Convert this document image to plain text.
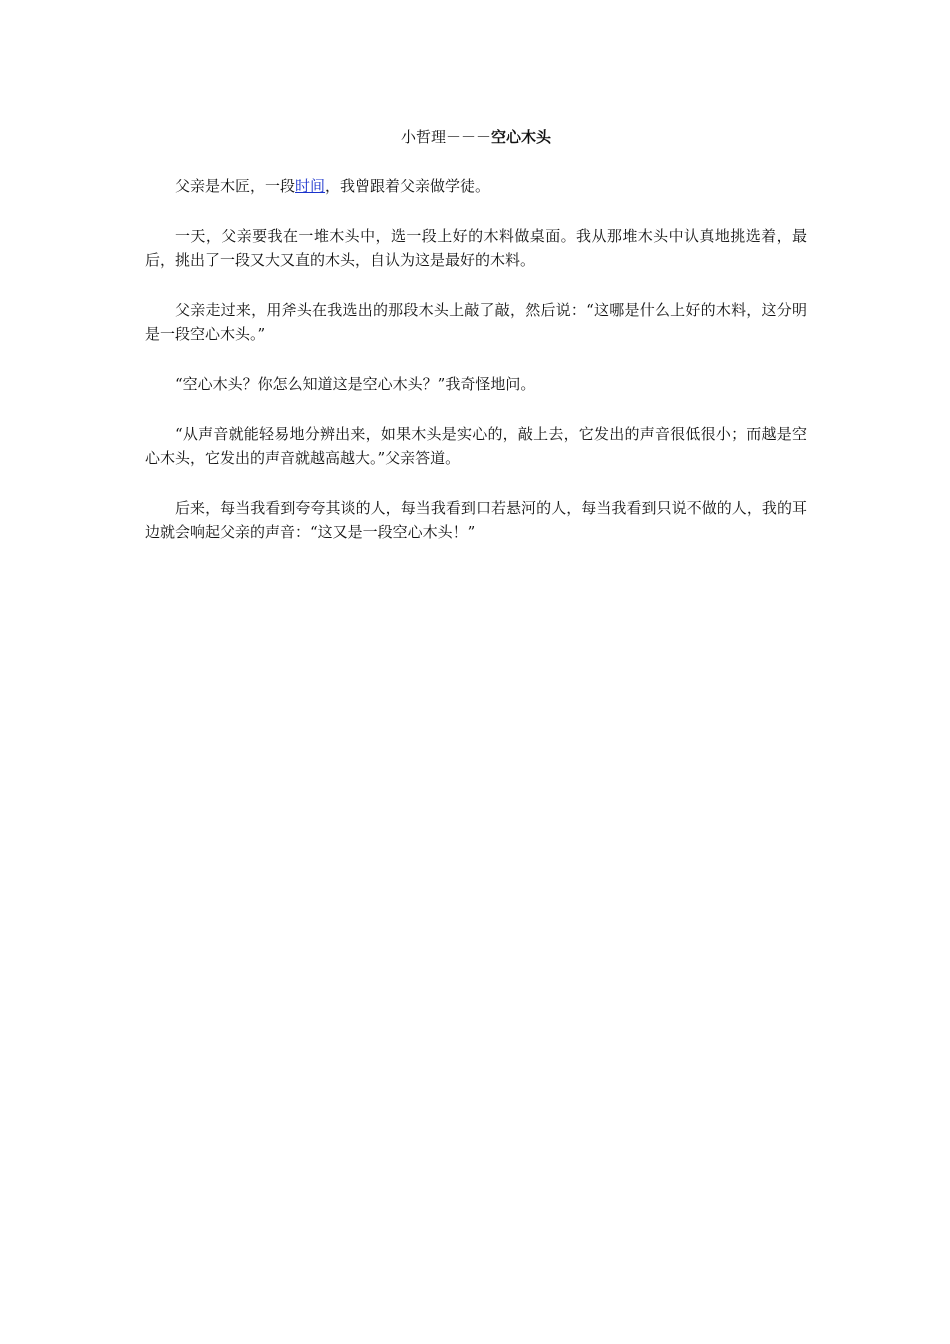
小哲理－－－空心木头

父亲是木匠，一段时间，我曾跟着父亲做学徒。

一天，父亲要我在一堆木头中，选一段上好的木料做桌面。我从那堆木头中认真地挑选着，最后，挑出了一段又大又直的木头，自认为这是最好的木料。

父亲走过来，用斧头在我选出的那段木头上敲了敲，然后说：“这哪是什么上好的木料，这分明是一段空心木头。”

“空心木头？你怎么知道这是空心木头？”我奇怪地问。

“从声音就能轻易地分辨出来，如果木头是实心的，敲上去，它发出的声音很低很小；而越是空心木头，它发出的声音就越高越大。”父亲答道。

后来，每当我看到夸夸其谈的人，每当我看到口若悬河的人，每当我看到只说不做的人，我的耳边就会响起父亲的声音：“这又是一段空心木头！”
